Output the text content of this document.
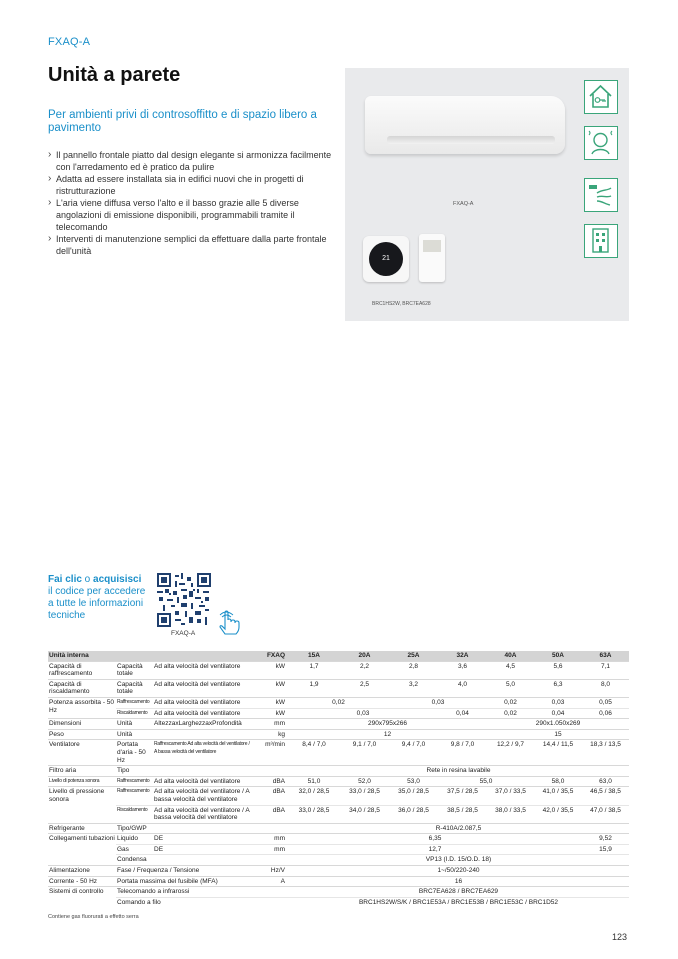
FXAQ-A
Unità a parete
Per ambienti privi di controsoffitto e di spazio libero a pavimento
› Il pannello frontale piatto dal design elegante si armonizza facilmente con l'arredamento ed è pratico da pulire
› Adatta ad essere installata sia in edifici nuovi che in progetti di ristrutturazione
› L'aria viene diffusa verso l'alto e il basso grazie alle 5 diverse angolazioni di emissione disponibili, programmabili tramite il telecomando
› Interventi di manutenzione semplici da effettuare dalla parte frontale dell'unità
FXAQ-A
21
BRC1HS2W, BRC7EA628
Fai clic o acquisisci il codice per accedere a tutte le informazioni tecniche
FXAQ-A
Unità interna			FXAQ	15A	20A	25A	32A	40A	50A	63A
Capacità di raffrescamento	Capacità totale	Ad alta velocità del ventilatore	kW	1,7	2,2	2,8	3,6	4,5	5,6	7,1
Capacità di riscaldamento	Capacità totale	Ad alta velocità del ventilatore	kW	1,9	2,5	3,2	4,0	5,0	6,3	8,0
Potenza assorbita - 50 Hz	Raffrescamento	Ad alta velocità del ventilatore	kW	0,02		0,03		0,02	0,03	0,05
	Riscaldamento	Ad alta velocità del ventilatore	kW	0,03			0,04	0,02	0,04	0,06
Dimensioni	Unità	AltezzaxLarghezzaxProfondità	mm	290x795x266				290x1.050x269		
Peso	Unità		kg	12				15		
Ventilatore	Portata d'aria - 50 Hz	Raffrescamento Ad alta velocità del ventilatore / A bassa velocità del ventilatore	m³/min	8,4 / 7,0	9,1 / 7,0	9,4 / 7,0	9,8 / 7,0	12,2 / 9,7	14,4 / 11,5	18,3 / 13,5
Filtro aria	Tipo			Rete in resina lavabile						
Livello di potenza sonora	Raffrescamento	Ad alta velocità del ventilatore	dBA	51,0	52,0	53,0	55,0		58,0	63,0
Livello di pressione sonora	Raffrescamento	Ad alta velocità del ventilatore / A bassa velocità del ventilatore	dBA	32,0 / 28,5	33,0 / 28,5	35,0 / 28,5	37,5 / 28,5	37,0 / 33,5	41,0 / 35,5	46,5 / 38,5
	Riscaldamento	Ad alta velocità del ventilatore / A bassa velocità del ventilatore	dBA	33,0 / 28,5	34,0 / 28,5	36,0 / 28,5	38,5 / 28,5	38,0 / 33,5	42,0 / 35,5	47,0 / 38,5
Refrigerante	Tipo/GWP			R-410A/2.087,5						
Collegamenti tubazioni	Liquido	DE	mm	6,35						9,52
	Gas	DE	mm	12,7						15,9
	Condensa			VP13 (I.D. 15/O.D. 18)						
Alimentazione	Fase / Frequenza / Tensione		Hz/V	1~/50/220-240						
Corrente - 50 Hz	Portata massima del fusibile (MFA)		A	16						
Sistemi di controllo	Telecomando a infrarossi			BRC7EA628 / BRC7EA629						
	Comando a filo			BRC1HS2W/S/K / BRC1E53A / BRC1E53B / BRC1E53C / BRC1D52						
Contiene gas fluorurati a effetto serra
123
